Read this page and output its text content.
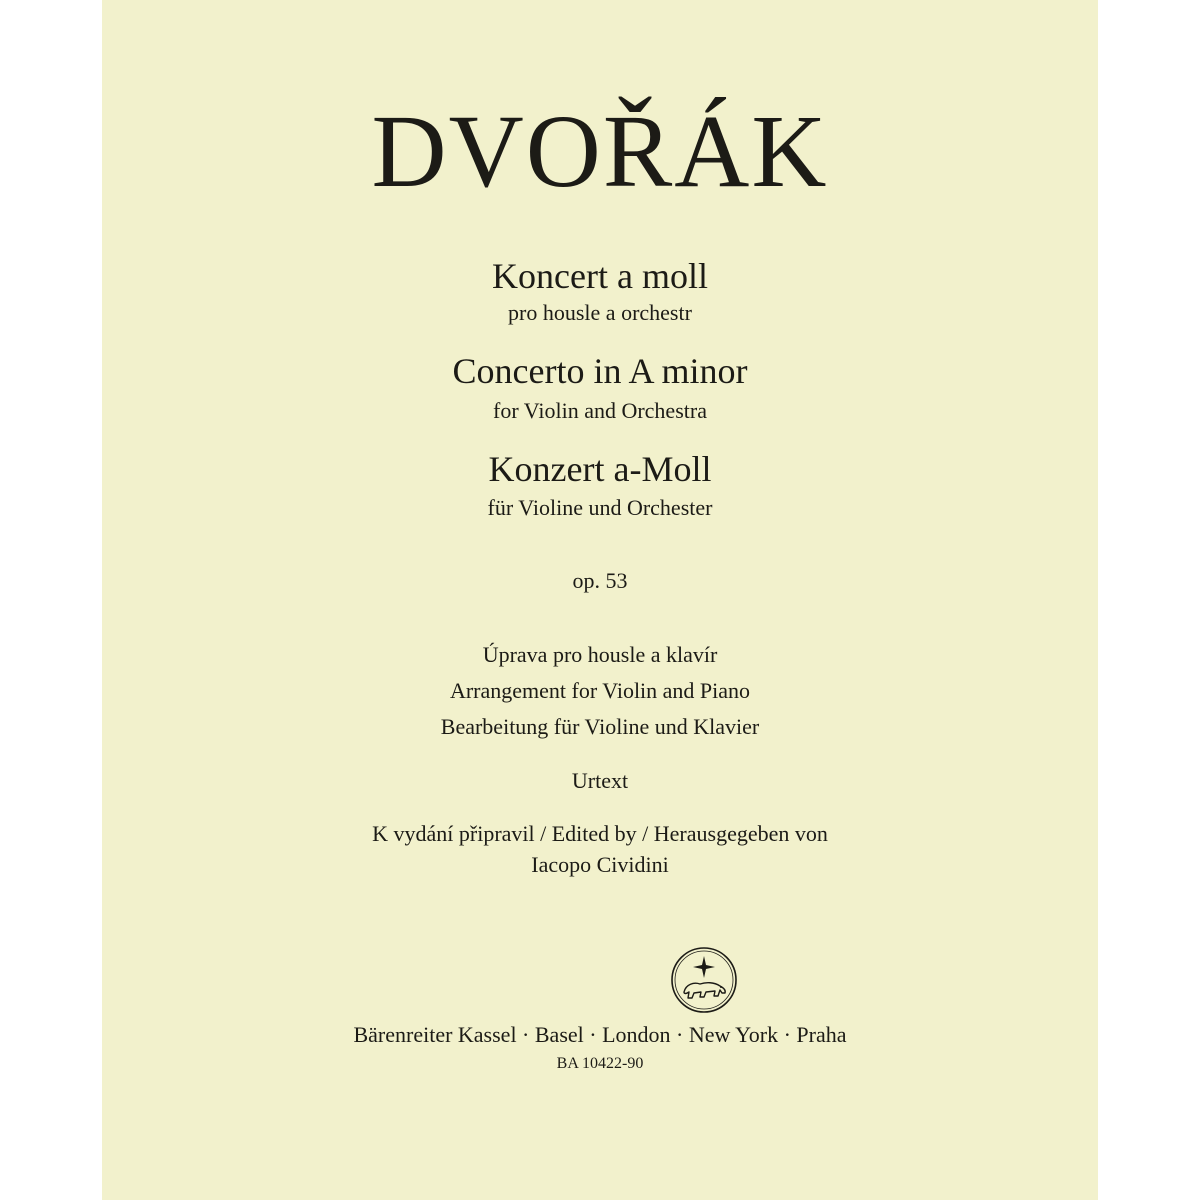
DVOŘÁK
Koncert a moll
pro housle a orchestr
Concerto in A minor
for Violin and Orchestra
Konzert a-Moll
für Violine und Orchester
op. 53
Úprava pro housle a klavír
Arrangement for Violin and Piano
Bearbeitung für Violine und Klavier
Urtext
K vydání připravil / Edited by / Herausgegeben von
Iacopo Cividini
Bärenreiter Kassel · Basel · London · New York · Praha
BA 10422-90
